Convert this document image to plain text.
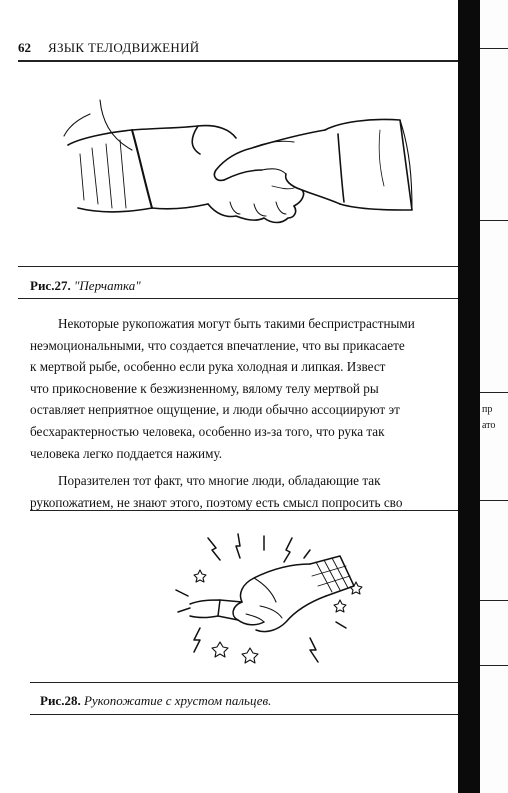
62 ЯЗЫК ТЕЛОДВИЖЕНИЙ
Рис.27. "Перчатка"

Некоторые рукопожатия могут быть такими беспристрастными
неэмоциональными, что создается впечатление, что вы прикасаете
к мертвой рыбе, особенно если рука холодная и липкая. Извест
что прикосновение к безжизненному, вялому телу мертвой ры
оставляет неприятное ощущение, и люди обычно ассоциируют эт
бесхарактерностью человека, особенно из-за того, что рука так
человека легко поддается нажиму.

Поразителен тот факт, что многие люди, обладающие так
рукопожатием, не знают этого, поэтому есть смысл попросить сво

Рис.28. Рукопожатие с хрустом пальцев.
пр
ато
